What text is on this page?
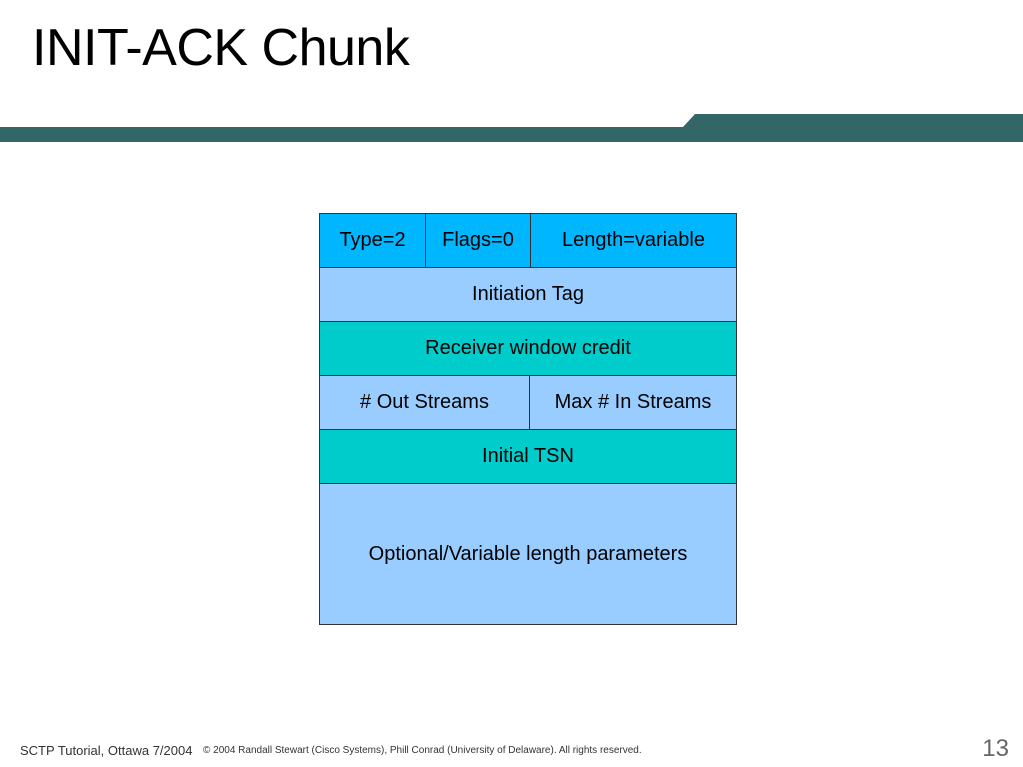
INIT-ACK Chunk
Type=2	Flags=0	Length=variable
Initiation Tag
Receiver window credit
# Out Streams	Max # In Streams
Initial TSN
Optional/Variable length parameters
SCTP Tutorial, Ottawa 7/2004 © 2004 Randall Stewart (Cisco Systems), Phill Conrad (University of Delaware). All rights reserved.	13
